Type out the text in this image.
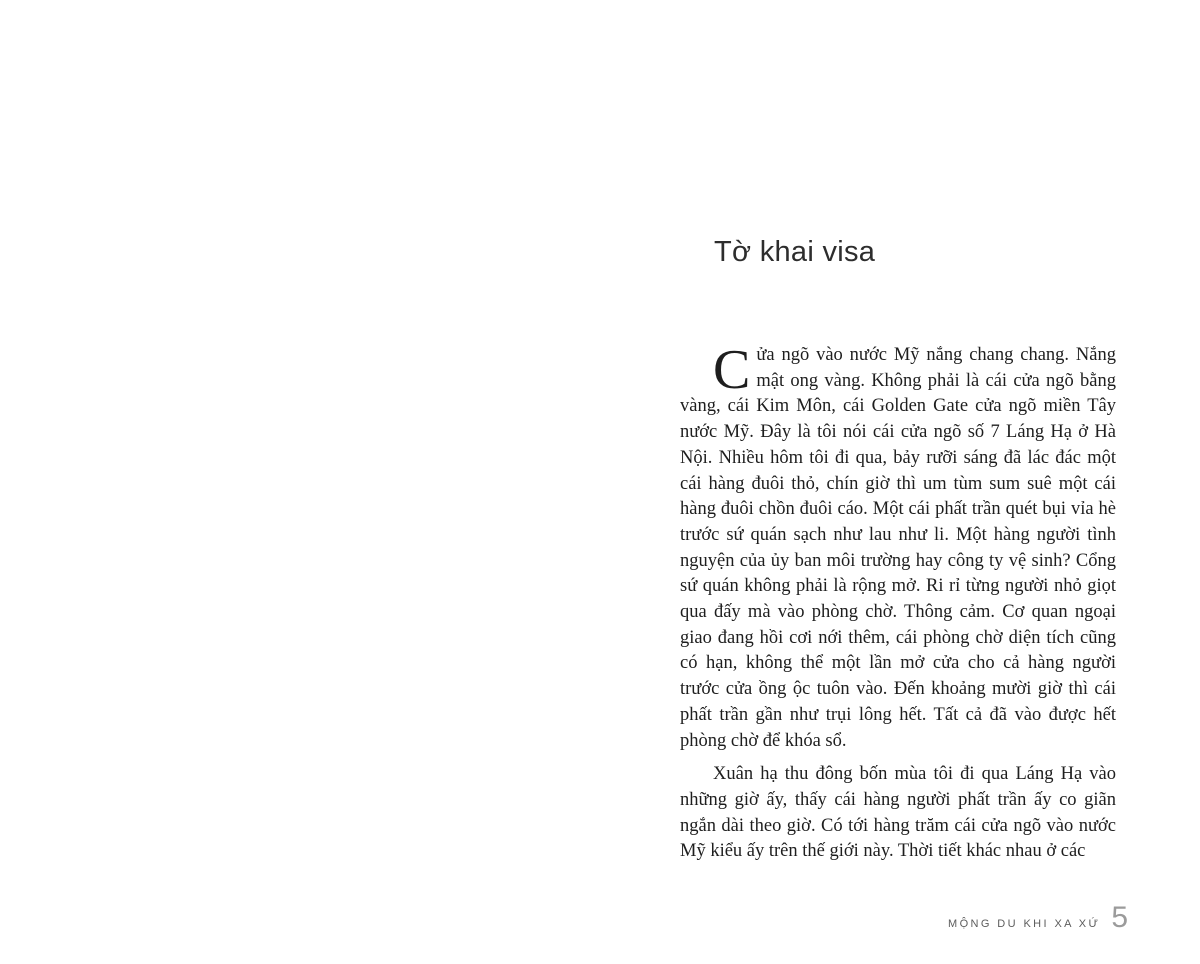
Tờ khai visa

Cửa ngõ vào nước Mỹ nắng chang chang. Nắng mật ong vàng. Không phải là cái cửa ngõ bằng vàng, cái Kim Môn, cái Golden Gate cửa ngõ miền Tây nước Mỹ. Đây là tôi nói cái cửa ngõ số 7 Láng Hạ ở Hà Nội. Nhiều hôm tôi đi qua, bảy rưỡi sáng đã lác đác một cái hàng đuôi thỏ, chín giờ thì um tùm sum suê một cái hàng đuôi chồn đuôi cáo. Một cái phất trần quét bụi vỉa hè trước sứ quán sạch như lau như li. Một hàng người tình nguyện của ủy ban môi trường hay công ty vệ sinh? Cổng sứ quán không phải là rộng mở. Ri rỉ từng người nhỏ giọt qua đấy mà vào phòng chờ. Thông cảm. Cơ quan ngoại giao đang hồi cơi nới thêm, cái phòng chờ diện tích cũng có hạn, không thể một lần mở cửa cho cả hàng người trước cửa ồng ộc tuôn vào. Đến khoảng mười giờ thì cái phất trần gần như trụi lông hết. Tất cả đã vào được hết phòng chờ để khóa sổ.

Xuân hạ thu đông bốn mùa tôi đi qua Láng Hạ vào những giờ ấy, thấy cái hàng người phất trần ấy co giãn ngắn dài theo giờ. Có tới hàng trăm cái cửa ngõ vào nước Mỹ kiểu ấy trên thế giới này. Thời tiết khác nhau ở các

MỘNG DU KHI XA XỨ 5
